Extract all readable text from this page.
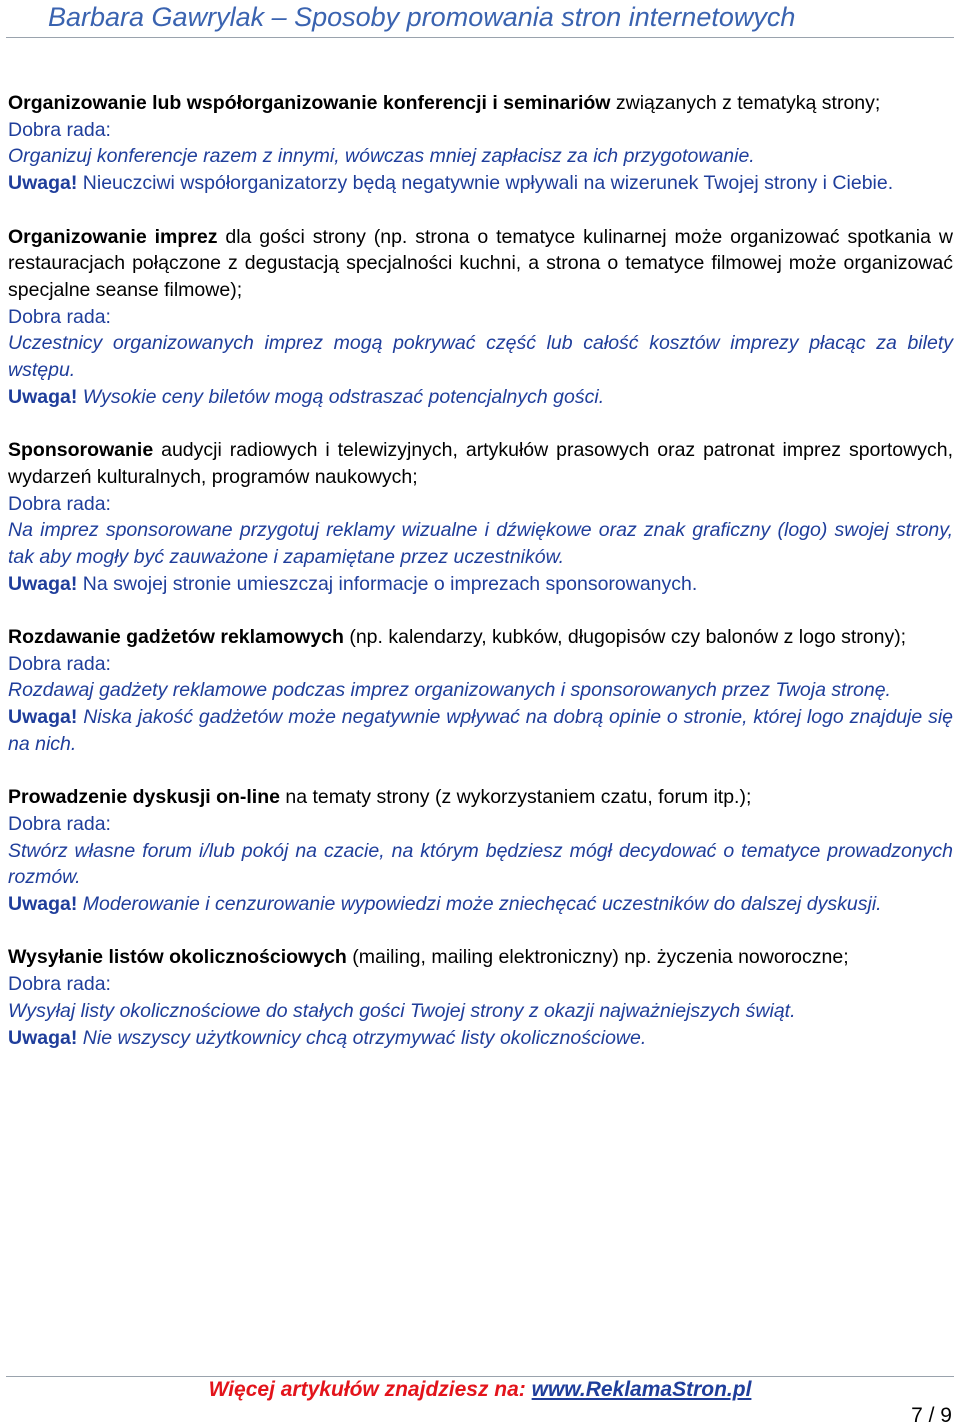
Barbara Gawrylak – Sposoby promowania stron internetowych

Organizowanie lub współorganizowanie konferencji i seminariów związanych z tematyką strony;

Dobra rada:

Organizuj konferencje razem z innymi, wówczas mniej zapłacisz za ich przygotowanie.

Uwaga! Nieuczciwi współorganizatorzy będą negatywnie wpływali na wizerunek Twojej strony i Ciebie.

Organizowanie imprez dla gości strony (np. strona o tematyce kulinarnej może organizować spotkania w restauracjach połączone z degustacją specjalności kuchni, a strona o tematyce filmowej może organizować specjalne seanse filmowe);

Dobra rada:

Uczestnicy organizowanych imprez mogą pokrywać część lub całość kosztów imprezy płacąc za bilety wstępu.

Uwaga! Wysokie ceny biletów mogą odstraszać potencjalnych gości.

Sponsorowanie audycji radiowych i telewizyjnych, artykułów prasowych oraz patronat imprez sportowych, wydarzeń kulturalnych, programów naukowych;

Dobra rada:

Na imprez sponsorowane przygotuj reklamy wizualne i dźwiękowe oraz znak graficzny (logo) swojej strony, tak aby mogły być zauważone i zapamiętane przez uczestników.

Uwaga! Na swojej stronie umieszczaj informacje o imprezach sponsorowanych.

Rozdawanie gadżetów reklamowych (np. kalendarzy, kubków, długopisów czy balonów z logo strony);

Dobra rada:

Rozdawaj gadżety reklamowe podczas imprez organizowanych i sponsorowanych przez Twoja stronę.

Uwaga! Niska jakość gadżetów może negatywnie wpływać na dobrą opinie o stronie, której logo znajduje się na nich.

Prowadzenie dyskusji on-line na tematy strony (z wykorzystaniem czatu, forum itp.);

Dobra rada:

Stwórz własne forum i/lub pokój na czacie, na którym będziesz mógł decydować o tematyce prowadzonych rozmów.

Uwaga! Moderowanie i cenzurowanie wypowiedzi może zniechęcać uczestników do dalszej dyskusji.

Wysyłanie listów okolicznościowych (mailing, mailing elektroniczny) np. życzenia noworoczne;

Dobra rada:

Wysyłaj listy okolicznościowe do stałych gości Twojej strony z okazji najważniejszych świąt.

Uwaga! Nie wszyscy użytkownicy chcą otrzymywać listy okolicznościowe.

Więcej artykułów znajdziesz na: www.ReklamaStron.pl
7 / 9
